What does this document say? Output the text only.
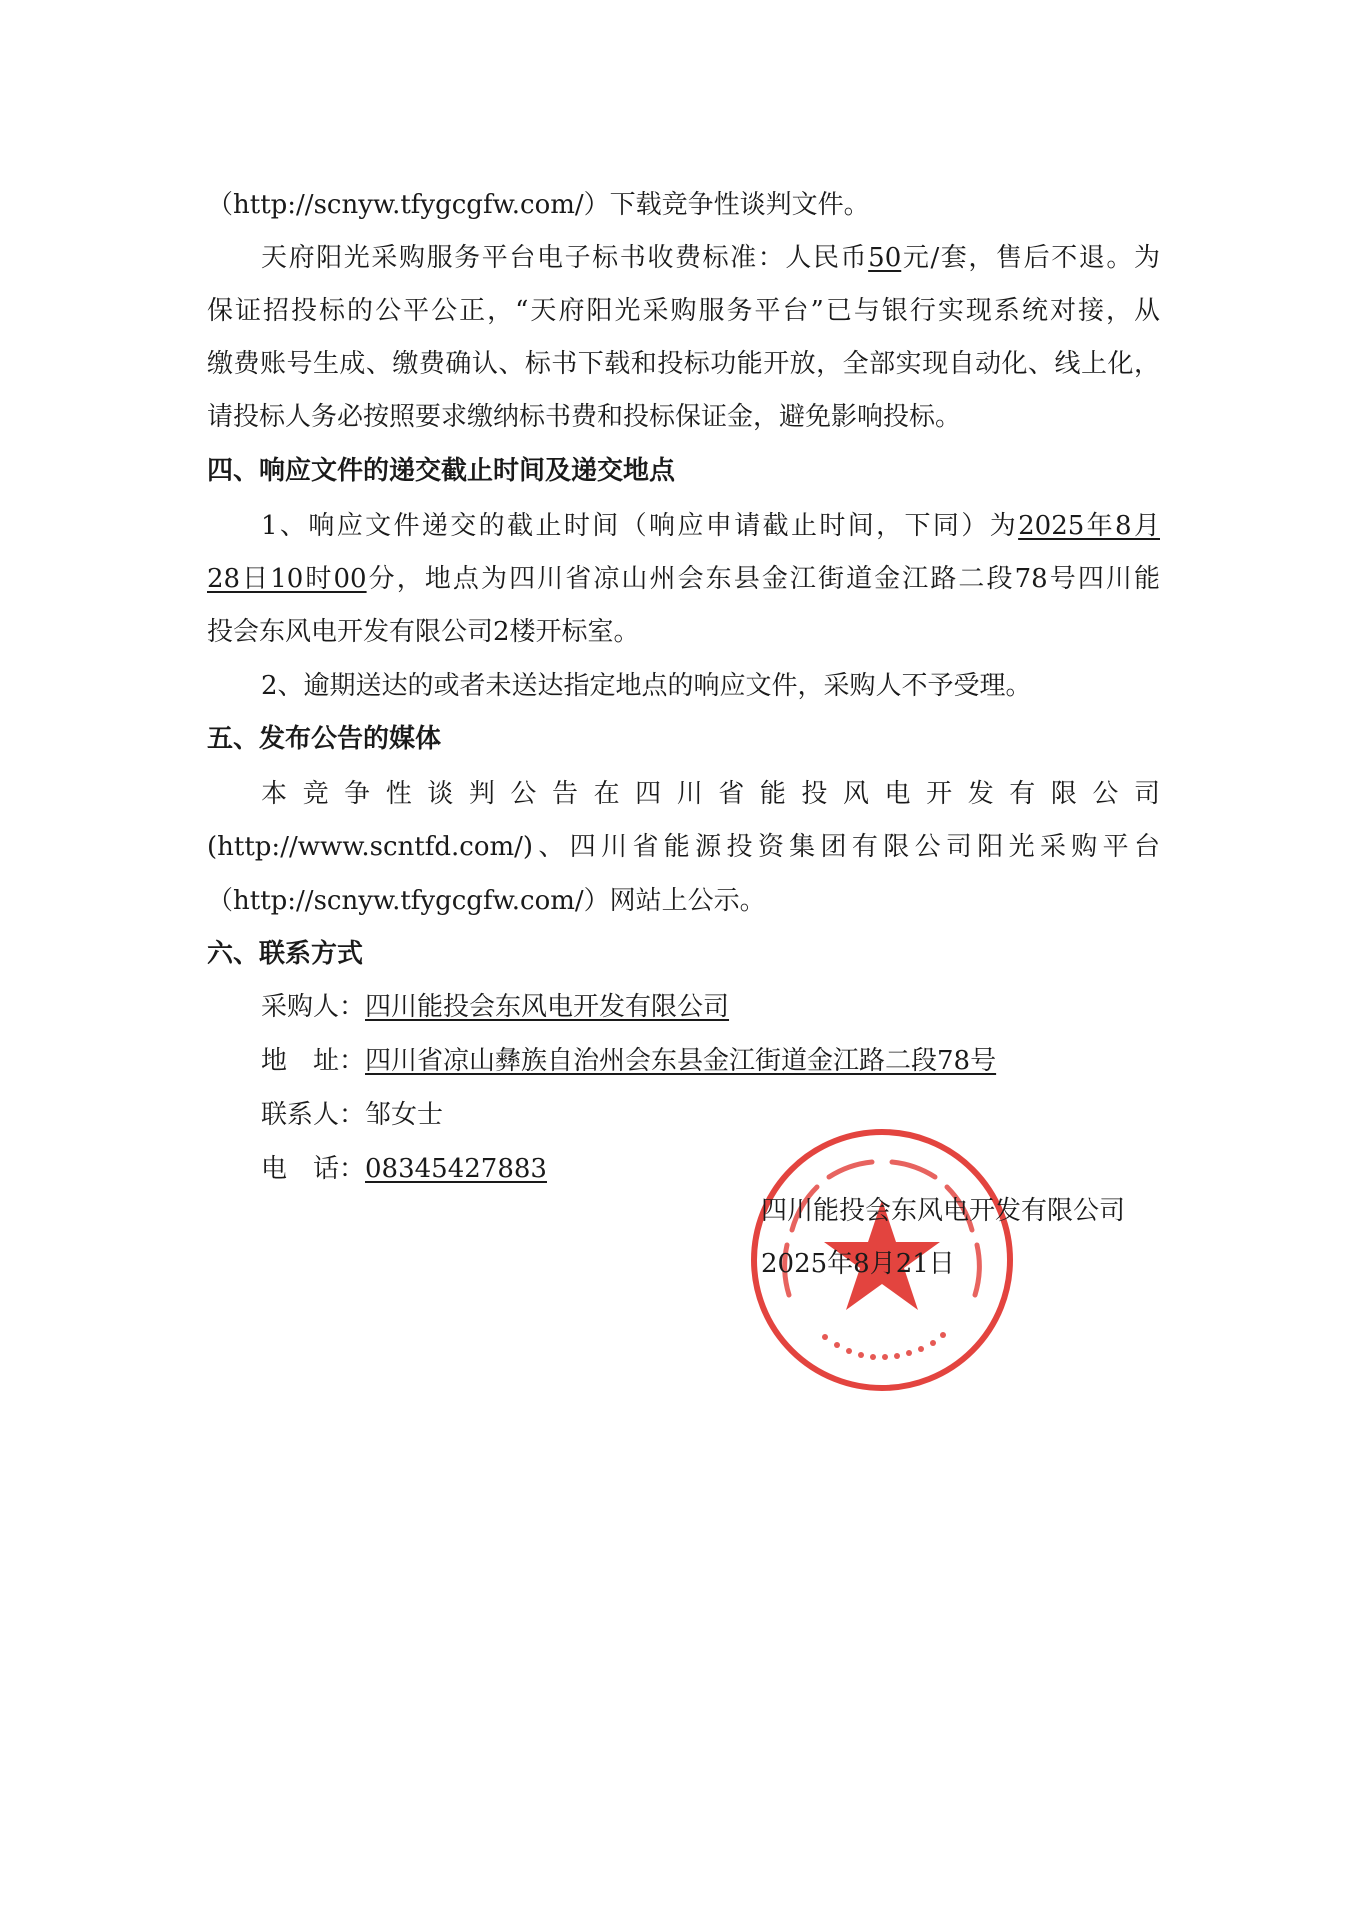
（http://scnyw.tfygcgfw.com/）下载竞争性谈判文件。
天府阳光采购服务平台电子标书收费标准：人民币50元/套，售后不退。为
保证招投标的公平公正，“天府阳光采购服务平台”已与银行实现系统对接，从
缴费账号生成、缴费确认、标书下载和投标功能开放，全部实现自动化、线上化，
请投标人务必按照要求缴纳标书费和投标保证金，避免影响投标。
四、响应文件的递交截止时间及递交地点
1、响应文件递交的截止时间（响应申请截止时间，下同）为2025年8月
28日10时00分，地点为四川省凉山州会东县金江街道金江路二段78号四川能
投会东风电开发有限公司2楼开标室。
2、逾期送达的或者未送达指定地点的响应文件，采购人不予受理。
五、发布公告的媒体
本竞争性谈判公告在四川省能投风电开发有限公司
(http://www.scntfd.com/)、四川省能源投资集团有限公司阳光采购平台
（http://scnyw.tfygcgfw.com/）网站上公示。
六、联系方式
采购人：四川能投会东风电开发有限公司
地　址：四川省凉山彝族自治州会东县金江街道金江路二段78号
联系人：邹女士
电　话：08345427883
四川能投会东风电开发有限公司
2025年8月21日
